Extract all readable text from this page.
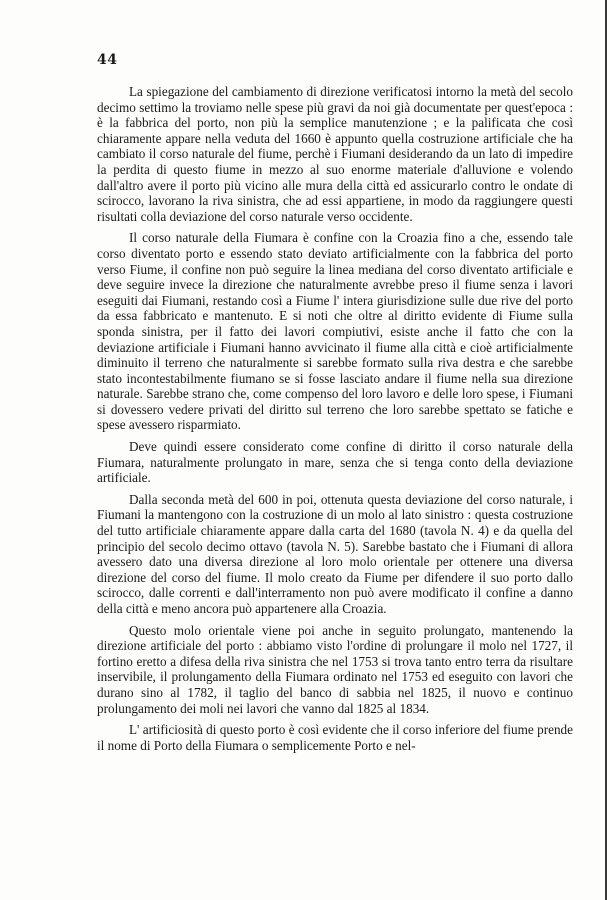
44

La spiegazione del cambiamento di direzione verificatosi intorno la metà del secolo decimo settimo la troviamo nelle spese più gravi da noi già documentate per quest'epoca : è la fabbrica del porto, non più la semplice manutenzione ; e la palificata che così chiaramente appare nella veduta del 1660 è appunto quella costruzione artificiale che ha cambiato il corso naturale del fiume, perchè i Fiumani desiderando da un lato di impedire la perdita di questo fiume in mezzo al suo enorme materiale d'alluvione e volendo dall'altro avere il porto più vicino alle mura della città ed assicurarlo contro le ondate di scirocco, lavorano la riva sinistra, che ad essi appartiene, in modo da raggiungere questi risultati colla deviazione del corso naturale verso occidente.

Il corso naturale della Fiumara è confine con la Croazia fino a che, essendo tale corso diventato porto e essendo stato deviato artificialmente con la fabbrica del porto verso Fiume, il confine non può seguire la linea mediana del corso diventato artificiale e deve seguire invece la direzione che naturalmente avrebbe preso il fiume senza i lavori eseguiti dai Fiumani, restando così a Fiume l' intera giurisdizione sulle due rive del porto da essa fabbricato e mantenuto. E si noti che oltre al diritto evidente di Fiume sulla sponda sinistra, per il fatto dei lavori compiutivi, esiste anche il fatto che con la deviazione artificiale i Fiumani hanno avvicinato il fiume alla città e cioè artificialmente diminuito il terreno che naturalmente si sarebbe formato sulla riva destra e che sarebbe stato incontestabilmente fiumano se si fosse lasciato andare il fiume nella sua direzione naturale. Sarebbe strano che, come compenso del loro lavoro e delle loro spese, i Fiumani si dovessero vedere privati del diritto sul terreno che loro sarebbe spettato se fatiche e spese avessero risparmiato.

Deve quindi essere considerato come confine di diritto il corso naturale della Fiumara, naturalmente prolungato in mare, senza che si tenga conto della deviazione artificiale.

Dalla seconda metà del 600 in poi, ottenuta questa deviazione del corso naturale, i Fiumani la mantengono con la costruzione di un molo al lato sinistro : questa costruzione del tutto artificiale chiaramente appare dalla carta del 1680 (tavola N. 4) e da quella del principio del secolo decimo ottavo (tavola N. 5). Sarebbe bastato che i Fiumani di allora avessero dato una diversa direzione al loro molo orientale per ottenere una diversa direzione del corso del fiume. Il molo creato da Fiume per difendere il suo porto dallo scirocco, dalle correnti e dall'interramento non può avere modificato il confine a danno della città e meno ancora può appartenere alla Croazia.

Questo molo orientale viene poi anche in seguito prolungato, mantenendo la direzione artificiale del porto : abbiamo visto l'ordine di prolungare il molo nel 1727, il fortino eretto a difesa della riva sinistra che nel 1753 si trova tanto entro terra da risultare inservibile, il prolungamento della Fiumara ordinato nel 1753 ed eseguito con lavori che durano sino al 1782, il taglio del banco di sabbia nel 1825, il nuovo e continuo prolungamento dei moli nei lavori che vanno dal 1825 al 1834.

L' artificiosità di questo porto è così evidente che il corso inferiore del fiume prende il nome di Porto della Fiumara o semplicemente Porto e nel-
